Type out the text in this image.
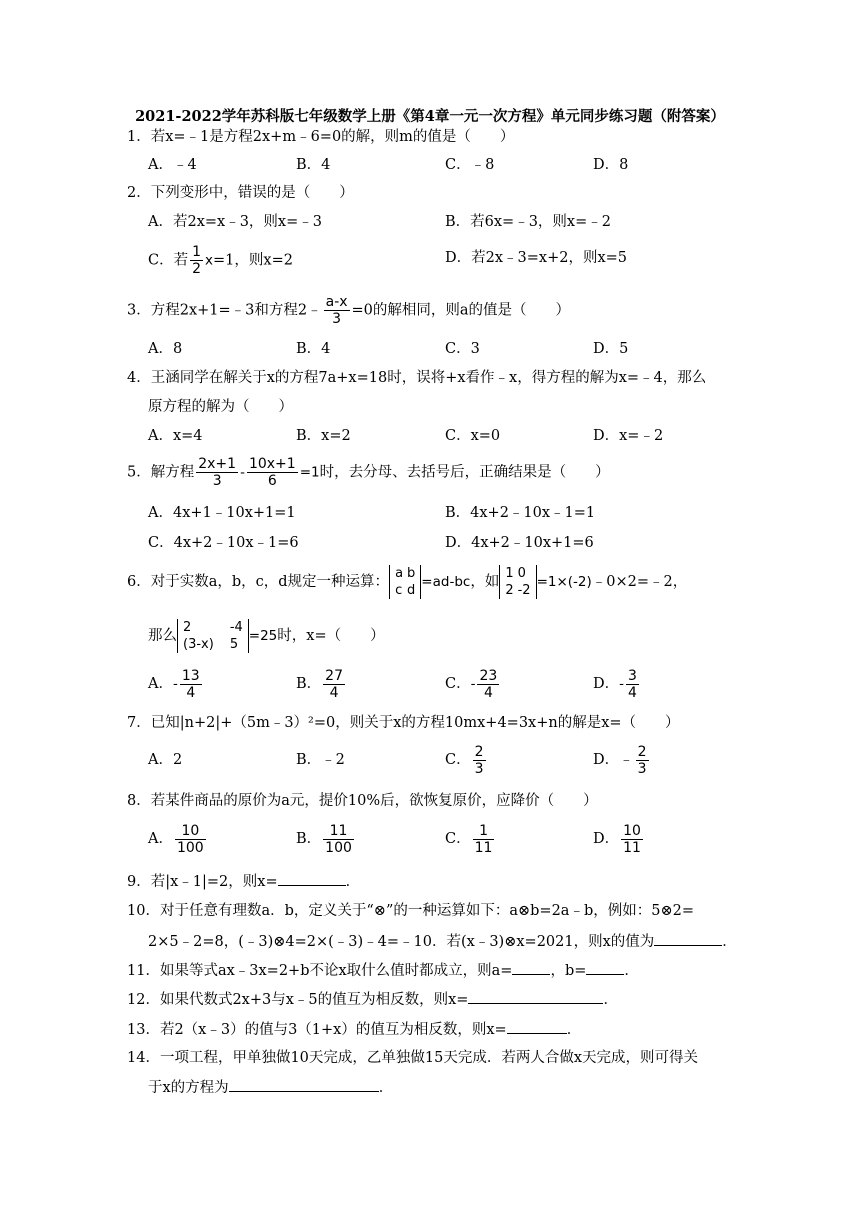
2021-2022学年苏科版七年级数学上册《第4章一元一次方程》单元同步练习题（附答案）
1．若x=﹣1是方程2x+m﹣6=0的解，则m的值是（　　）
A．﹣4	B．4	C．﹣8	D．8
2．下列变形中，错误的是（　　）
A．若2x=x﹣3，则x=﹣3	B．若6x=﹣3，则x=﹣2
C．若 $\frac{1}{2} x=1$，则x=2	D．若2x﹣3=x+2，则x=5
3．方程2x+1=﹣3和方程2﹣ $\frac{a-x}{3} =0$的解相同，则a的值是（　　）
A．8	B．4	C．3	D．5
4．王涵同学在解关于x的方程7a+x=18时，误将+x看作﹣x，得方程的解为x=﹣4，那么
原方程的解为（　　）
A．x=4	B．x=2	C．x=0	D．x=﹣2
5．解方程 $\frac{2x+1}{3} - \frac{10x+1}{6} =1$时，去分母、去括号后，正确结果是（　　）
A．4x+1﹣10x+1=1	B．4x+2﹣10x﹣1=1
C．4x+2﹣10x﹣1=6	D．4x+2﹣10x+1=6
6．对于实数a，b，c，d规定一种运算：
a	b
c	d
=ad-bc，如
1	0
2	-2
=1×(-2)﹣0×2=﹣2，
那么
2	-4
(3-x)	5
=25时，x=（　　）
A．- $\frac{13}{4}$	B． $\frac{27}{4}$	C．- $\frac{23}{4}$	D．- $\frac{3}{4}$
7．已知|n+2|+（5m﹣3）²=0，则关于x的方程10mx+4=3x+n的解是x=（　　）
A．2	B．﹣2	C． $\frac{2}{3}$	D．﹣ $\frac{2}{3}$
8．若某件商品的原价为a元，提价10%后，欲恢复原价，应降价（　　）
A． $\frac{10}{100}$	B． $\frac{11}{100}$	C． $\frac{1}{11}$	D． $\frac{10}{11}$
9．若|x﹣1|=2，则x=	．
10．对于任意有理数a．b，定义关于“⊗”的一种运算如下：a⊗b=2a﹣b，例如：5⊗2=
2×5﹣2=8，(﹣3)⊗4=2×(﹣3)﹣4=﹣10．若(x﹣3)⊗x=2021，则x的值为	．
11．如果等式ax﹣3x=2+b不论x取什么值时都成立，则a=	，b=	．
12．如果代数式2x+3与x﹣5的值互为相反数，则x=	．
13．若2（x﹣3）的值与3（1+x）的值互为相反数，则x=	．
14．一项工程，甲单独做10天完成，乙单独做15天完成．若两人合做x天完成，则可得关
于x的方程为	．
